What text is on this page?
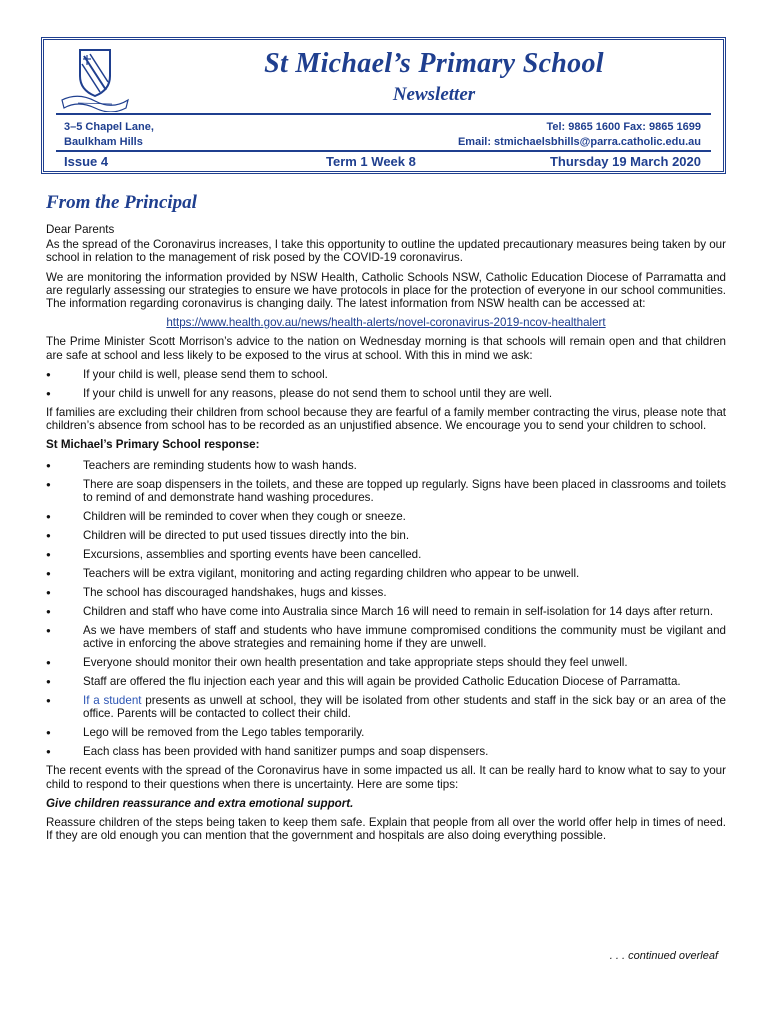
St Michael’s Primary School
Newsletter
3–5 Chapel Lane,
Baulkham Hills
Tel: 9865 1600 Fax: 9865 1699
Email: stmichaelsbhills@parra.catholic.edu.au
Issue 4	Term 1 Week 8	Thursday 19 March 2020
From the Principal

Dear Parents

As the spread of the Coronavirus increases, I take this opportunity to outline the updated precautionary measures being taken by our school in relation to the management of risk posed by the COVID-19 coronavirus.

We are monitoring the information provided by NSW Health, Catholic Schools NSW, Catholic Education Diocese of Parramatta and are regularly assessing our strategies to ensure we have protocols in place for the protection of everyone in our school communities. The information regarding coronavirus is changing daily. The latest information from NSW health can be accessed at:

https://www.health.gov.au/news/health-alerts/novel-coronavirus-2019-ncov-healthalert

The Prime Minister Scott Morrison’s advice to the nation on Wednesday morning is that schools will remain open and that children are safe at school and less likely to be exposed to the virus at school. With this in mind we ask:

● If your child is well, please send them to school.
● If your child is unwell for any reasons, please do not send them to school until they are well.

If families are excluding their children from school because they are fearful of a family member contracting the virus, please note that children’s absence from school has to be recorded as an unjustified absence. We encourage you to send your children to school.

St Michael’s Primary School response:
● Teachers are reminding students how to wash hands.
● There are soap dispensers in the toilets, and these are topped up regularly. Signs have been placed in classrooms and toilets to remind of and demonstrate hand washing procedures.
● Children will be reminded to cover when they cough or sneeze.
● Children will be directed to put used tissues directly into the bin.
● Excursions, assemblies and sporting events have been cancelled.
● Teachers will be extra vigilant, monitoring and acting regarding children who appear to be unwell.
● The school has discouraged handshakes, hugs and kisses.
● Children and staff who have come into Australia since March 16 will need to remain in self-isolation for 14 days after return.
● As we have members of staff and students who have immune compromised conditions the community must be vigilant and active in enforcing the above strategies and remaining home if they are unwell.
● Everyone should monitor their own health presentation and take appropriate steps should they feel unwell.
● Staff are offered the flu injection each year and this will again be provided Catholic Education Diocese of Parramatta.
● If a student presents as unwell at school, they will be isolated from other students and staff in the sick bay or an area of the office. Parents will be contacted to collect their child.
● Lego will be removed from the Lego tables temporarily.
● Each class has been provided with hand sanitizer pumps and soap dispensers.

The recent events with the spread of the Coronavirus have in some impacted us all. It can be really hard to know what to say to your child to respond to their questions when there is uncertainty. Here are some tips:

Give children reassurance and extra emotional support.

Reassure children of the steps being taken to keep them safe. Explain that people from all over the world offer help in times of need. If they are old enough you can mention that the government and hospitals are also doing everything possible.

. . . continued overleaf
